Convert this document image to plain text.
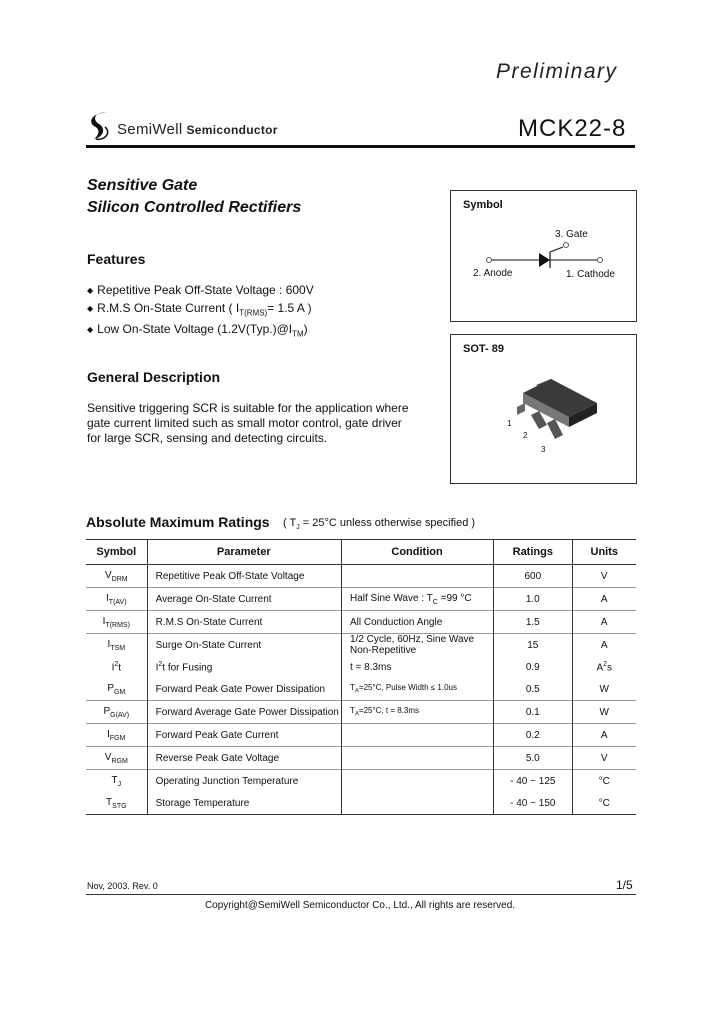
Preliminary
SemiWell Semiconductor	MCK22-8
Sensitive Gate
Silicon Controlled Rectifiers
Features
◆ Repetitive Peak Off-State Voltage : 600V
◆ R.M.S On-State Current ( $I_{T(RMS)}= 1.5$ A )
◆ Low On-State Voltage $(1.2V(Typ.)@I_{TM})$
General Description
Sensitive triggering SCR is suitable for the application where gate current limited such as small motor control, gate driver for large SCR, sensing and detecting circuits.
Symbol
3. Gate
2. Anode	1. Cathode
SOT- 89
1
2
3
Absolute Maximum Ratings ( $T_J = 25^\circ C$ unless otherwise specified )
Symbol	Parameter	Condition	Ratings	Units
$V_{DRM}$	Repetitive Peak Off-State Voltage		600	V
$I_{T(AV)}$	Average On-State Current	Half Sine Wave : $T_C =99$ °C	1.0	A
$I_{T(RMS)}$	R.M.S On-State Current	All Conduction Angle	1.5	A
$I_{TSM}$	Surge On-State Current	1/2 Cycle, 60Hz, Sine Wave
Non-Repetitive	15	A
$I^2t$	$I^2t$ for Fusing	t = 8.3ms	0.9	$A^2s$
$P_{GM}$	Forward Peak Gate Power Dissipation	$T_A=25^\circ C$, Pulse Width ≤ 1.0us	0.5	W
$P_{G(AV)}$	Forward Average Gate Power Dissipation	$T_A=25^\circ C$, t = 8.3ms	0.1	W
$I_{FGM}$	Forward Peak Gate Current		0.2	A
$V_{RGM}$	Reverse Peak Gate Voltage		5.0	V
$T_J$	Operating Junction Temperature		- 40 ~ 125	°C
$T_{STG}$	Storage Temperature		- 40 ~ 150	°C
Nov, 2003. Rev. 0	1/5
Copyright@SemiWell Semiconductor Co., Ltd., All rights are reserved.
